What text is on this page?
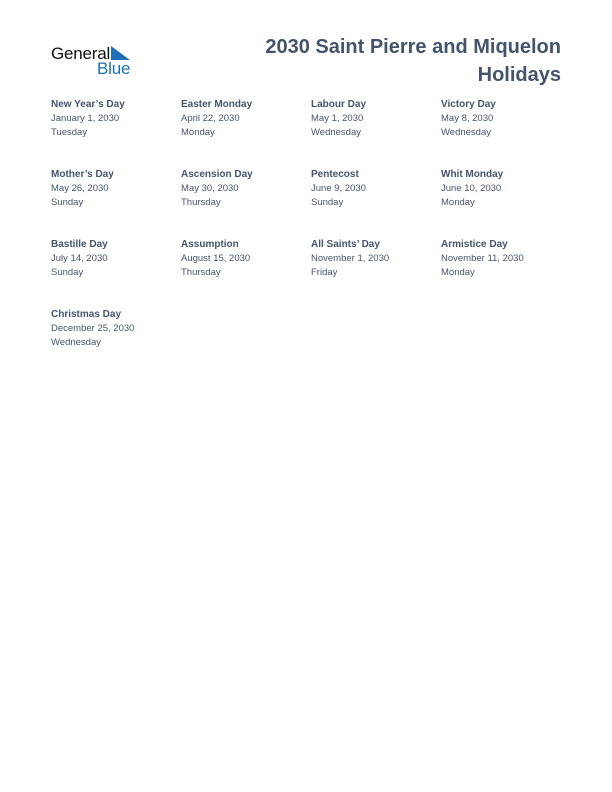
General
Blue
2030 Saint Pierre and Miquelon Holidays
New Year’s Day
January 1, 2030
Tuesday
Easter Monday
April 22, 2030
Monday
Labour Day
May 1, 2030
Wednesday
Victory Day
May 8, 2030
Wednesday
Mother’s Day
May 26, 2030
Sunday
Ascension Day
May 30, 2030
Thursday
Pentecost
June 9, 2030
Sunday
Whit Monday
June 10, 2030
Monday
Bastille Day
July 14, 2030
Sunday
Assumption
August 15, 2030
Thursday
All Saints’ Day
November 1, 2030
Friday
Armistice Day
November 11, 2030
Monday
Christmas Day
December 25, 2030
Wednesday
